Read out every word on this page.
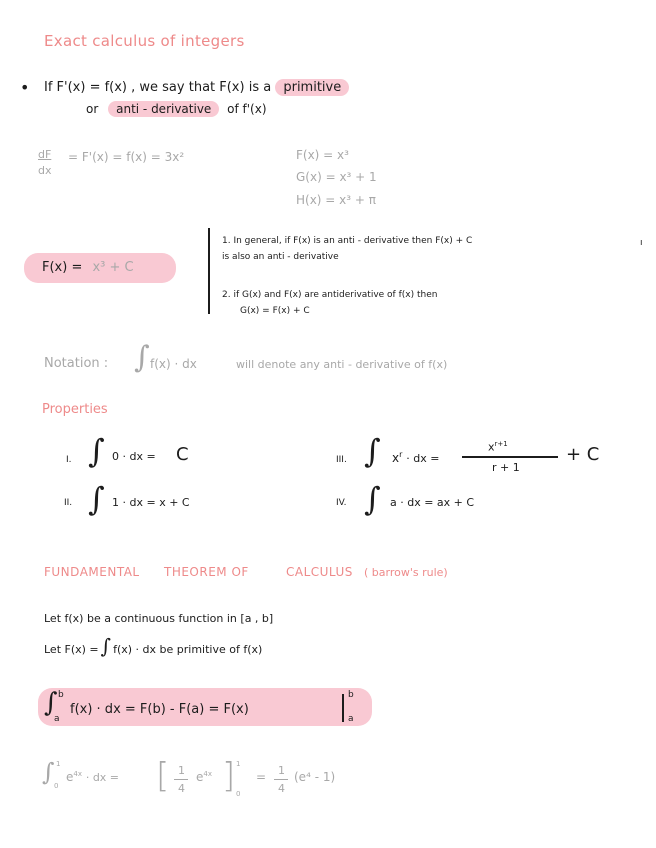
Exact calculus of integers
• If F'(x) = f(x) , we say that F(x) is a primitive
or anti - derivative of f'(x)
dF
dx
= F'(x) = f(x) = 3x²	F(x) = x³
G(x) = x³ + 1
H(x) = x³ + π
F(x) = x³ + C
1. In general, if F(x) is an anti - derivative then F(x) + C
is also an anti - derivative
2. if G(x) and F(x) are antiderivative of f(x) then
G(x) = F(x) + C
ı
Notation : ∫ f(x) · dx	will denote any anti - derivative of f(x)
Properties
I. ∫ 0 · dx = C
II. ∫ 1 · dx = x + C
III. ∫ $x^r$ · dx =
$x^{r+1}$
r + 1
+ C
IV. ∫ a · dx = ax + C
FUNDAMENTAL THEOREM OF	CALCULUS ( barrow's rule)
Let f(x) be a continuous function in [a , b]
Let F(x) = ∫ f(x) · dx be primitive of f(x)
∫ b
a
f(x) · dx = F(b) - F(a) = F(x)
b
a
∫ 1
0
$e^{4x}$ · dx = [ 1
4
$e^{4x}$ ] 1
0
= 1
4
(e⁴ - 1)
